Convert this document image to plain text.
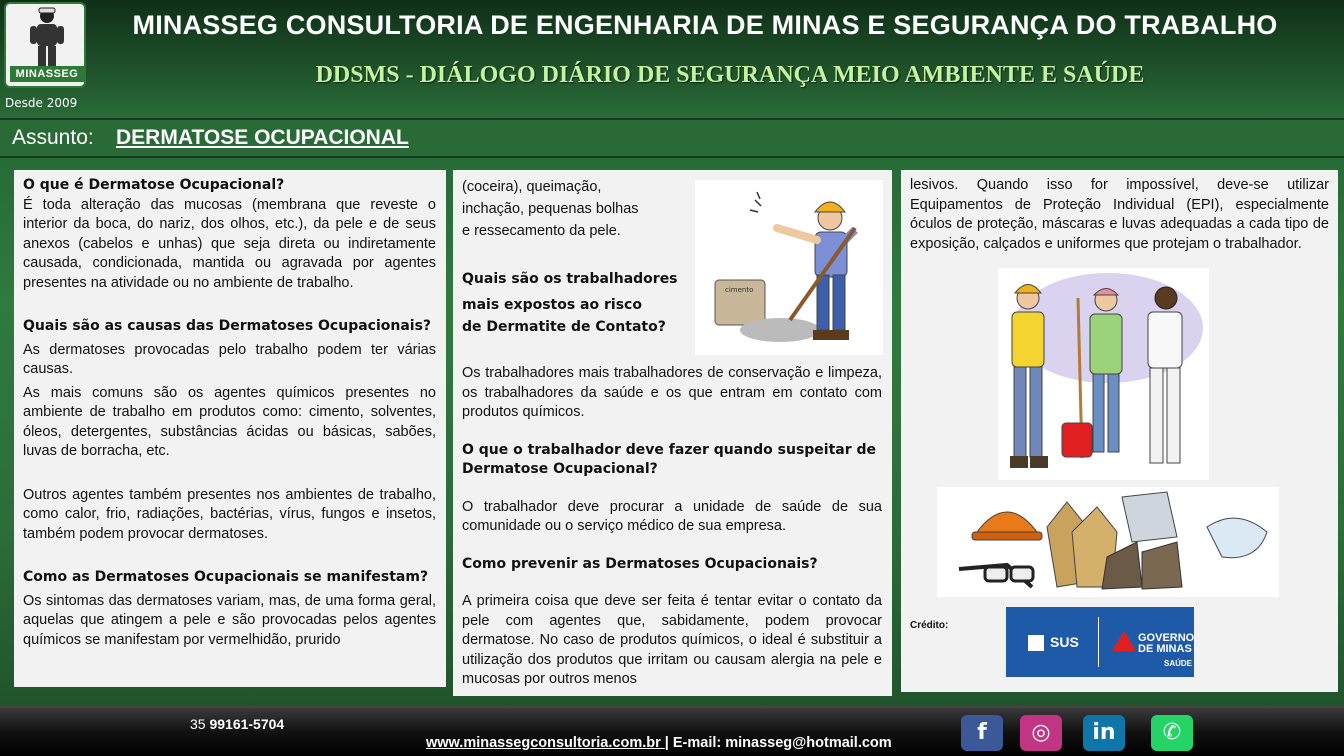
MINASSEG
Desde 2009
MINASSEG CONSULTORIA DE ENGENHARIA DE MINAS E SEGURANÇA DO TRABALHO
DDSMS - DIÁLOGO DIÁRIO DE SEGURANÇA MEIO AMBIENTE E SAÚDE
Assunto: DERMATOSE OCUPACIONAL
O que é Dermatose Ocupacional?
É toda alteração das mucosas (membrana que reveste o interior da boca, do nariz, dos olhos, etc.), da pele e de seus anexos (cabelos e unhas) que seja direta ou indiretamente causada, condicionada, mantida ou agravada por agentes presentes na atividade ou no ambiente de trabalho.
Quais são as causas das Dermatoses Ocupacionais?
As dermatoses provocadas pelo trabalho podem ter várias causas.
As mais comuns são os agentes químicos presentes no ambiente de trabalho em produtos como: cimento, solventes, óleos, detergentes, substâncias ácidas ou básicas, sabões, luvas de borracha, etc.
Outros agentes também presentes nos ambientes de trabalho, como calor, frio, radiações, bactérias, vírus, fungos e insetos, também podem provocar dermatoses.
Como as Dermatoses Ocupacionais se manifestam?
Os sintomas das dermatoses variam, mas, de uma forma geral, aquelas que atingem a pele e são provocadas pelos agentes químicos se manifestam por vermelhidão, prurido
(coceira), queimação,
inchação, pequenas bolhas
e ressecamento da pele.
Quais são os trabalhadores
mais expostos ao risco
de Dermatite de Contato?
Os trabalhadores mais trabalhadores de conservação e limpeza, os trabalhadores da saúde e os que entram em contato com produtos químicos.
O que o trabalhador deve fazer quando suspeitar de Dermatose Ocupacional?
O trabalhador deve procurar a unidade de saúde de sua comunidade ou o serviço médico de sua empresa.
Como prevenir as Dermatoses Ocupacionais?
A primeira coisa que deve ser feita é tentar evitar o contato da pele com agentes que, sabidamente, podem provocar dermatose. No caso de produtos químicos, o ideal é substituir a utilização dos produtos que irritam ou causam alergia na pele e mucosas por outros menos
cimento
lesivos. Quando isso for impossível, deve-se utilizar Equipamentos de Proteção Individual (EPI), especialmente óculos de proteção, máscaras e luvas adequadas a cada tipo de exposição, calçados e uniformes que protejam o trabalhador.
Crédito:
SUS	GOVERNO
DE MINAS
SAÚDE
35 99161-5704
www.minassegconsultoria.com.br | E-mail: minasseg@hotmail.com	f	◎	in	✆
